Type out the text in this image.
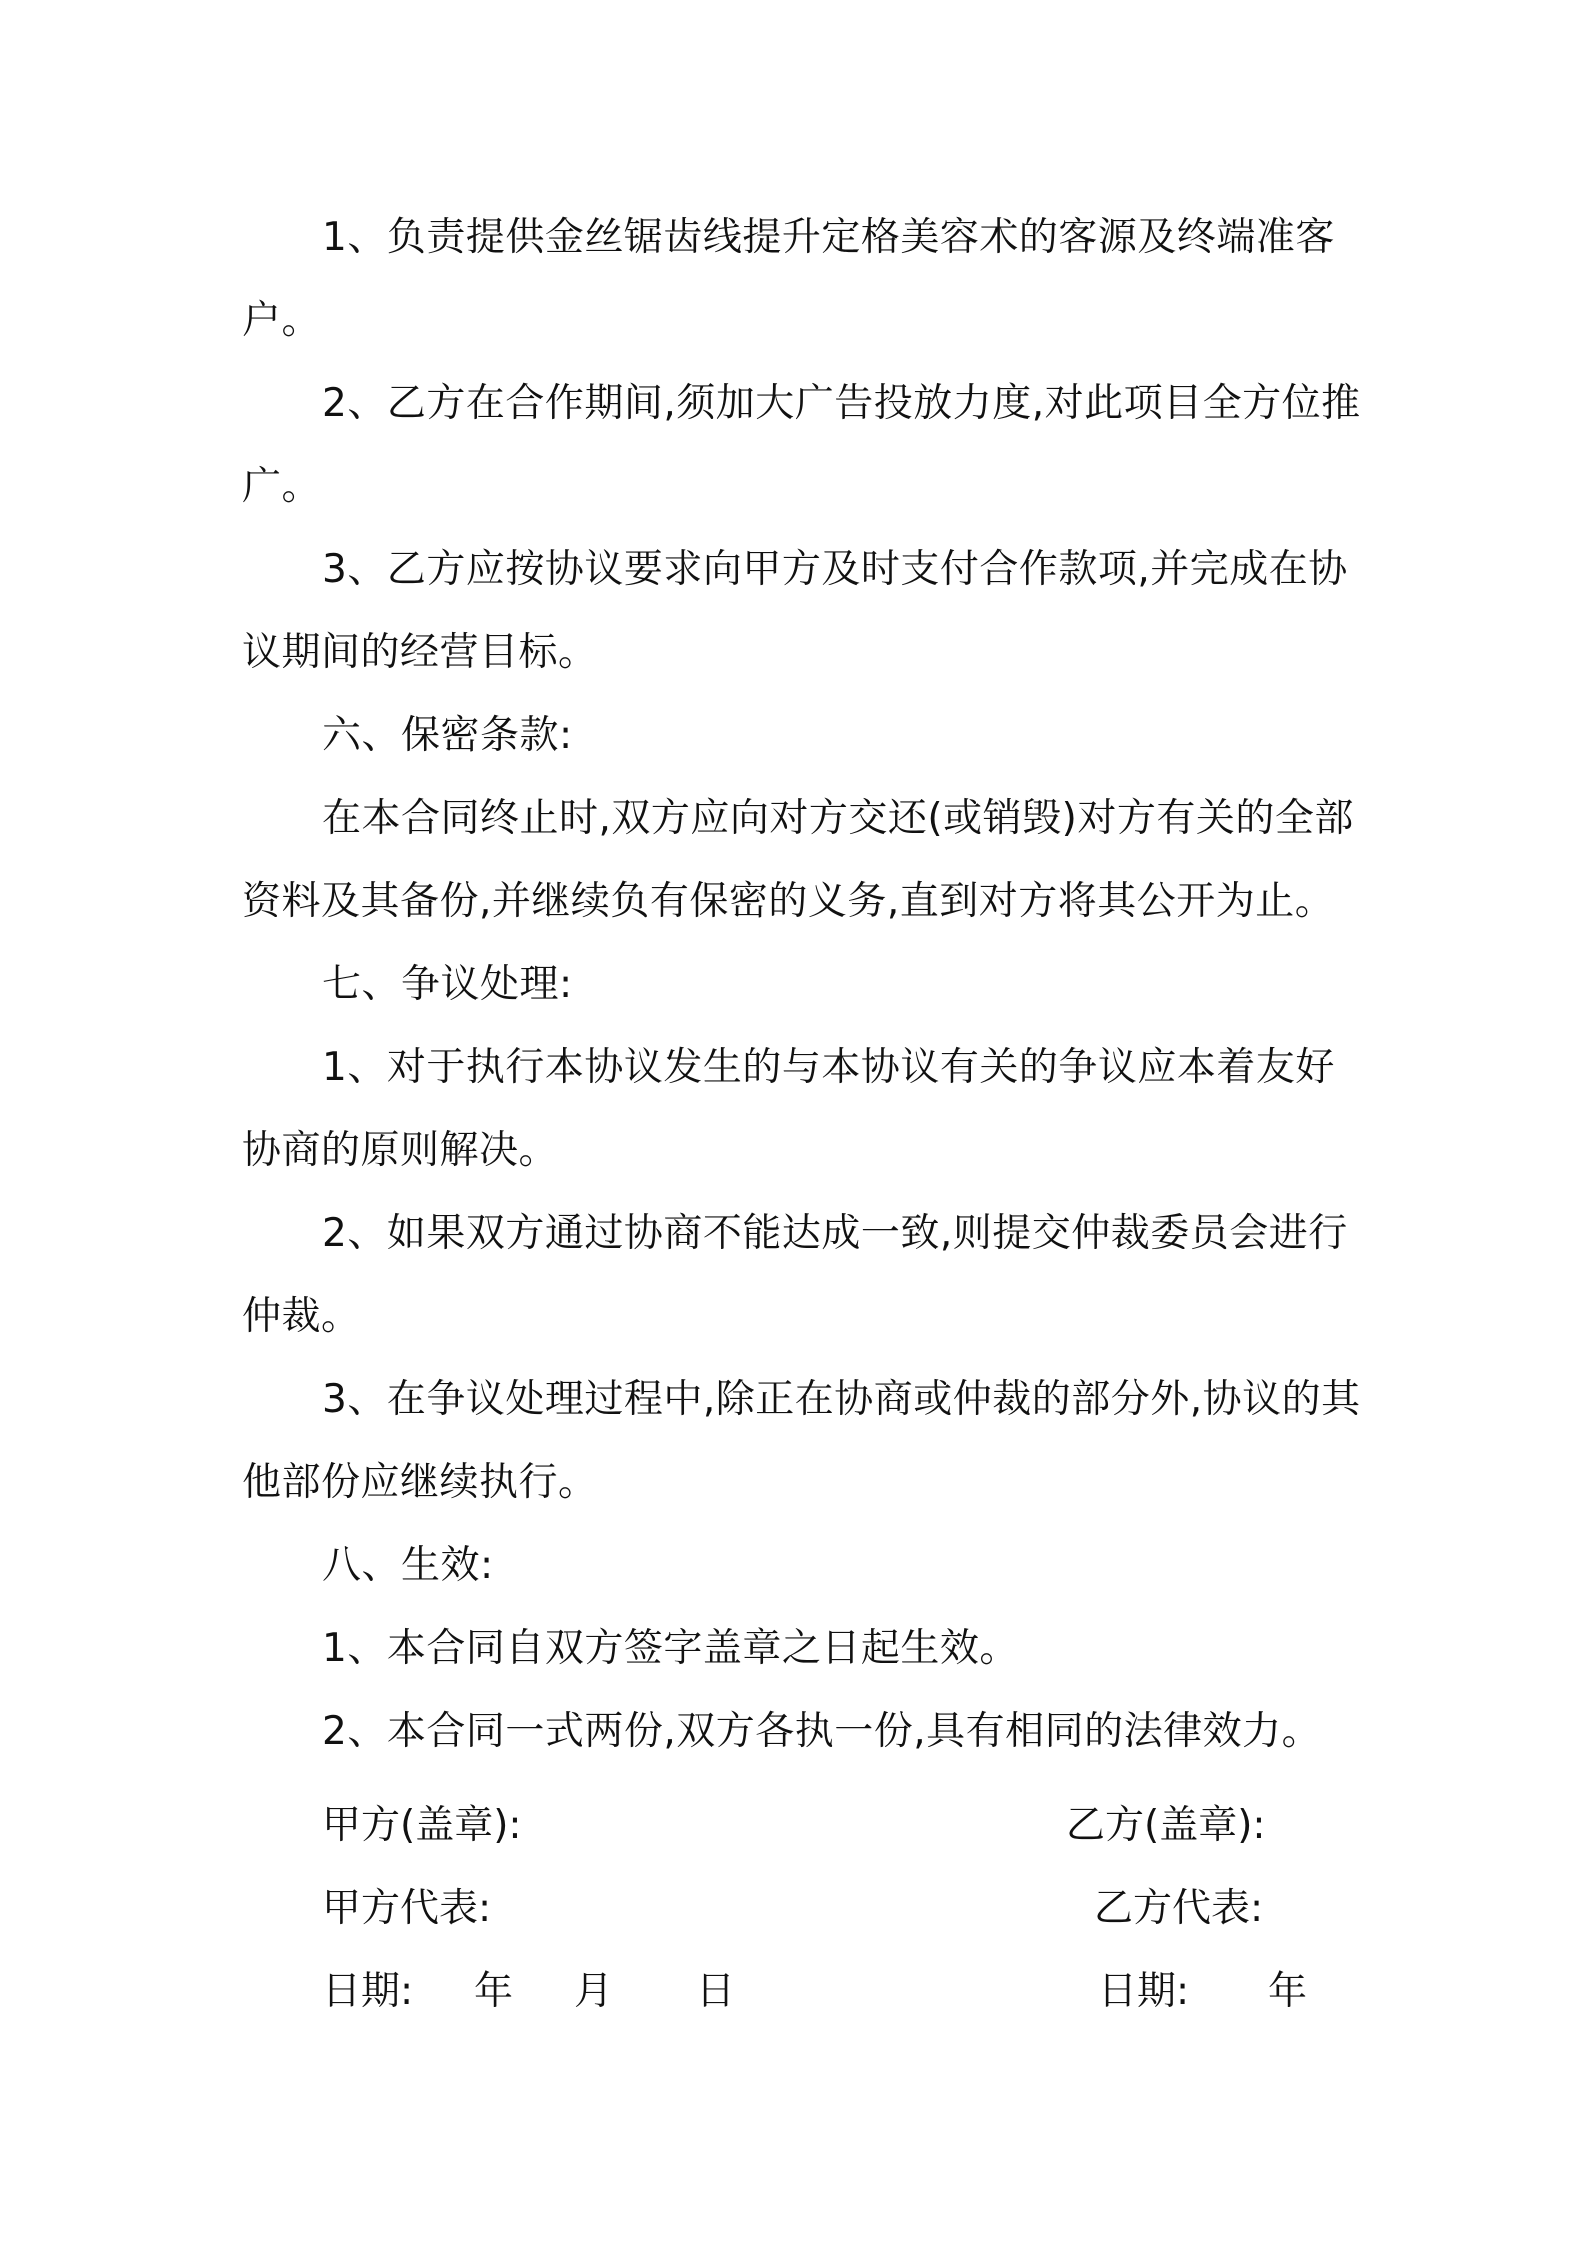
1、负责提供金丝锯齿线提升定格美容术的客源及终端准客户。

2、乙方在合作期间,须加大广告投放力度,对此项目全方位推广。

3、乙方应按协议要求向甲方及时支付合作款项,并完成在协议期间的经营目标。

六、保密条款:

在本合同终止时,双方应向对方交还(或销毁)对方有关的全部资料及其备份,并继续负有保密的义务,直到对方将其公开为止。

七、争议处理:

1、对于执行本协议发生的与本协议有关的争议应本着友好协商的原则解决。

2、如果双方通过协商不能达成一致,则提交仲裁委员会进行仲裁。

3、在争议处理过程中,除正在协商或仲裁的部分外,协议的其他部份应继续执行。

八、生效:

1、本合同自双方签字盖章之日起生效。

2、本合同一式两份,双方各执一份,具有相同的法律效力。

甲方(盖章):	乙方(盖章):
甲方代表:	乙方代表:
日期: 年 月 日	日期: 年
